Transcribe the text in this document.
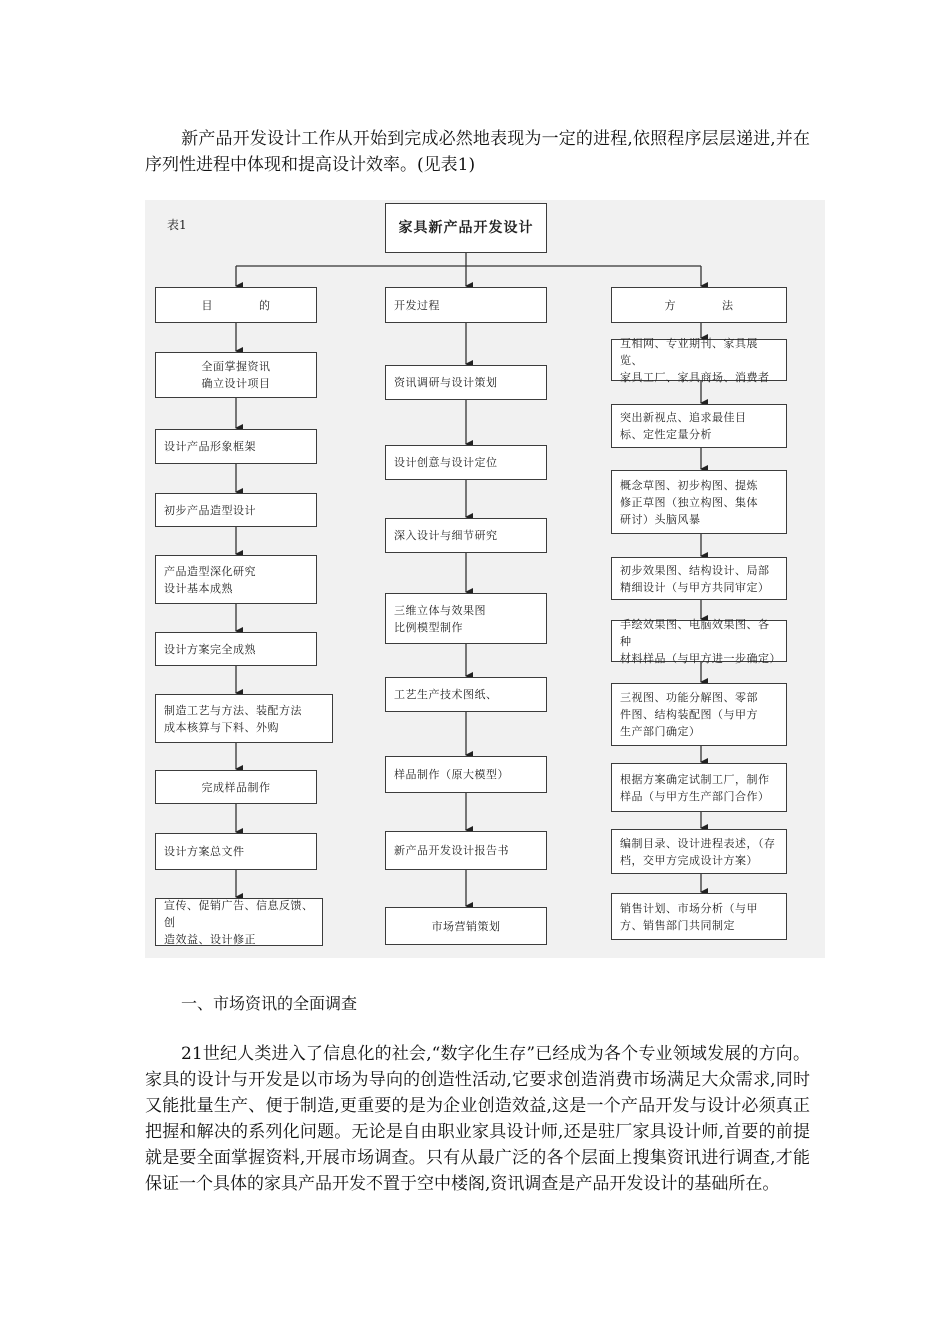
新产品开发设计工作从开始到完成必然地表现为一定的进程,依照程序层层递进,并在序列性进程中体现和提高设计效率。(见表1)

表1	家具新产品开发设计
目　　　　的	开发过程	方　　　　法
全面掌握资讯
确立设计项目
设计产品形象框架
初步产品造型设计
产品造型深化研究
设计基本成熟
设计方案完全成熟
制造工艺与方法、装配方法
成本核算与下料、外购
完成样品制作
设计方案总文件
宣传、促销广告、信息反馈、创
造效益、设计修正
资讯调研与设计策划
设计创意与设计定位
深入设计与细节研究
三维立体与效果图
比例模型制作
工艺生产技术图纸、
样品制作（原大模型）
新产品开发设计报告书
市场营销策划
互相网、专业期刊、家具展览、
家具工厂、家具商场、消费者
突出新视点、追求最佳目
标、定性定量分析
概念草图、初步构图、提炼
修正草图（独立构图、集体
研讨）头脑风暴
初步效果图、结构设计、局部
精细设计（与甲方共同审定）
手绘效果图、电脑效果图、各种
材料样品（与甲方进一步确定）
三视图、功能分解图、零部
件图、结构装配图（与甲方
生产部门确定）
根据方案确定试制工厂，制作
样品（与甲方生产部门合作）
编制目录、设计进程表述，（存
档，交甲方完成设计方案）
销售计划、市场分析（与甲
方、销售部门共同制定

一、市场资讯的全面调查

21世纪人类进入了信息化的社会,“数字化生存”已经成为各个专业领域发展的方向。家具的设计与开发是以市场为导向的创造性活动,它要求创造消费市场满足大众需求,同时又能批量生产、便于制造,更重要的是为企业创造效益,这是一个产品开发与设计必须真正把握和解决的系列化问题。无论是自由职业家具设计师,还是驻厂家具设计师,首要的前提就是要全面掌握资料,开展市场调查。只有从最广泛的各个层面上搜集资讯进行调查,才能保证一个具体的家具产品开发不置于空中楼阁,资讯调查是产品开发设计的基础所在。
